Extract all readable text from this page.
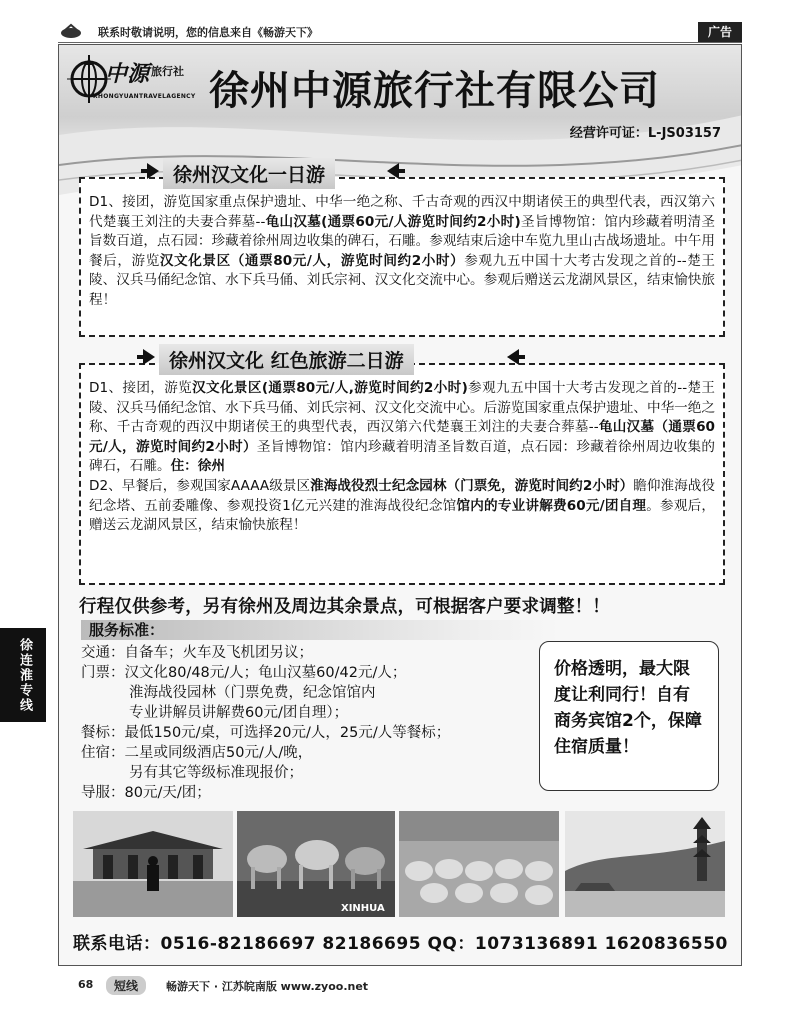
联系时敬请说明，您的信息来自《畅游天下》	广告
中源 旅行社
XHONGYUANTRAVELAGENCY 徐州中源旅行社有限公司
经营许可证：L-JS03157
D1、接团，游览国家重点保护遗址、中华一绝之称、千古奇观的西汉中期诸侯王的典型代表，西汉第六代楚襄王刘注的夫妻合葬墓--龟山汉墓(通票60元/人游览时间约2小时)圣旨博物馆：馆内珍藏着明清圣旨数百道，点石园：珍藏着徐州周边收集的碑石，石雕。参观结束后途中车览九里山古战场遗址。中午用餐后，游览汉文化景区（通票80元/人，游览时间约2小时）参观九五中国十大考古发现之首的--楚王陵、汉兵马俑纪念馆、水下兵马俑、刘氏宗祠、汉文化交流中心。参观后赠送云龙湖风景区，结束愉快旅程！
徐州汉文化一日游
D1、接团，游览汉文化景区(通票80元/人,游览时间约2小时)参观九五中国十大考古发现之首的--楚王陵、汉兵马俑纪念馆、水下兵马俑、刘氏宗祠、汉文化交流中心。后游览国家重点保护遗址、中华一绝之称、千古奇观的西汉中期诸侯王的典型代表，西汉第六代楚襄王刘注的夫妻合葬墓--龟山汉墓（通票60元/人，游览时间约2小时）圣旨博物馆：馆内珍藏着明清圣旨数百道，点石园：珍藏着徐州周边收集的碑石，石雕。住：徐州
D2、早餐后，参观国家AAAA级景区淮海战役烈士纪念园林（门票免，游览时间约2小时）瞻仰淮海战役纪念塔、五前委雕像、参观投资1亿元兴建的淮海战役纪念馆馆内的专业讲解费60元/团自理。参观后，赠送云龙湖风景区，结束愉快旅程！
徐州汉文化 红色旅游二日游
行程仅供参考，另有徐州及周边其余景点，可根据客户要求调整！！
服务标准：
交通：自备车；火车及飞机团另议；
门票：汉文化80/48元/人；龟山汉墓60/42元/人；
淮海战役园林（门票免费，纪念馆馆内
专业讲解员讲解费60元/团自理）；
餐标：最低150元/桌，可选择20元/人，25元/人等餐标；
住宿：二星或同级酒店50元/人/晚，
另有其它等级标准现报价；
导服：80元/天/团；
价格透明，最大限度让利同行！自有商务宾馆2个，保障住宿质量！
XINHUA
联系电话：0516-82186697 82186695 QQ：1073136891 1620836550
徐连淮专线
68	短线	畅游天下 · 江苏皖南版 www.zyoo.net
